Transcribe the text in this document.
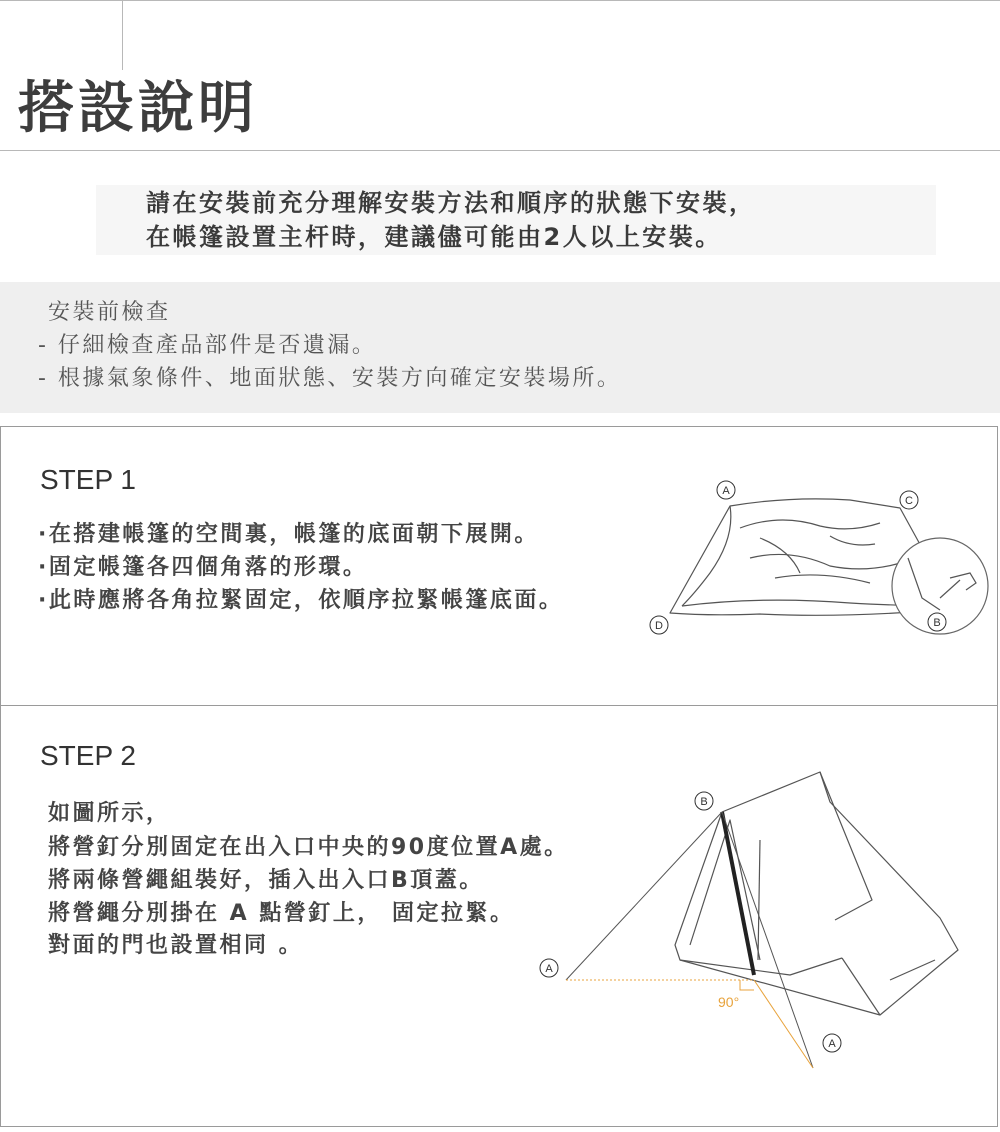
搭設說明
請在安裝前充分理解安裝方法和順序的狀態下安裝，
在帳篷設置主杆時，建議儘可能由2人以上安裝。
安裝前檢查
- 仔細檢查產品部件是否遺漏。
- 根據氣象條件、地面狀態、安裝方向確定安裝場所。
STEP 1
·在搭建帳篷的空間裏，帳篷的底面朝下展開。
·固定帳篷各四個角落的形環。
·此時應將各角拉緊固定，依順序拉緊帳篷底面。
A
C
D	B
STEP 2
如圖所示，
將營釘分別固定在出入口中央的90度位置A處。
將兩條營繩組裝好，插入出入口B頂蓋。
將營繩分別掛在 A 點營釘上， 固定拉緊。
對面的門也設置相同 。
90°
B
A
A
